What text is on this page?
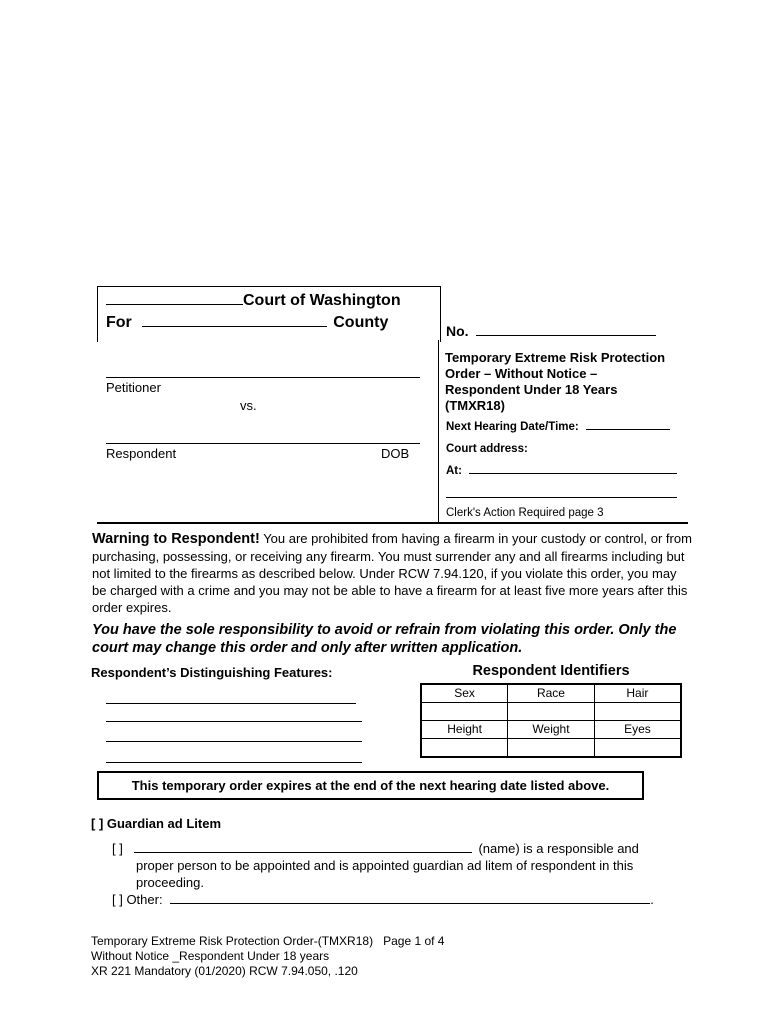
Court of Washington
For	County	No.
Petitioner
vs.
Respondent	DOB
Temporary Extreme Risk Protection
Order – Without Notice –
Respondent Under 18 Years
(TMXR18)
Next Hearing Date/Time:
Court address:
At:
Clerk's Action Required page 3
Warning to Respondent! You are prohibited from having a firearm in your custody or control, or from purchasing, possessing, or receiving any firearm. You must surrender any and all firearms including but not limited to the firearms as described below. Under RCW 7.94.120, if you violate this order, you may be charged with a crime and you may not be able to have a firearm for at least five more years after this order expires.
You have the sole responsibility to avoid or refrain from violating this order. Only the court may change this order and only after written application.
Respondent’s Distinguishing Features:	Respondent Identifiers
Sex	Race	Hair

Height	Weight	Eyes

This temporary order expires at the end of the next hearing date listed above.
[ ] Guardian ad Litem
[ ]	(name) is a responsible and
proper person to be appointed and is appointed guardian ad litem of respondent in this proceeding.
[ ] Other:	.
Temporary Extreme Risk Protection Order-(TMXR18) Page 1 of 4
Without Notice _Respondent Under 18 years
XR 221 Mandatory (01/2020) RCW 7.94.050, .120
